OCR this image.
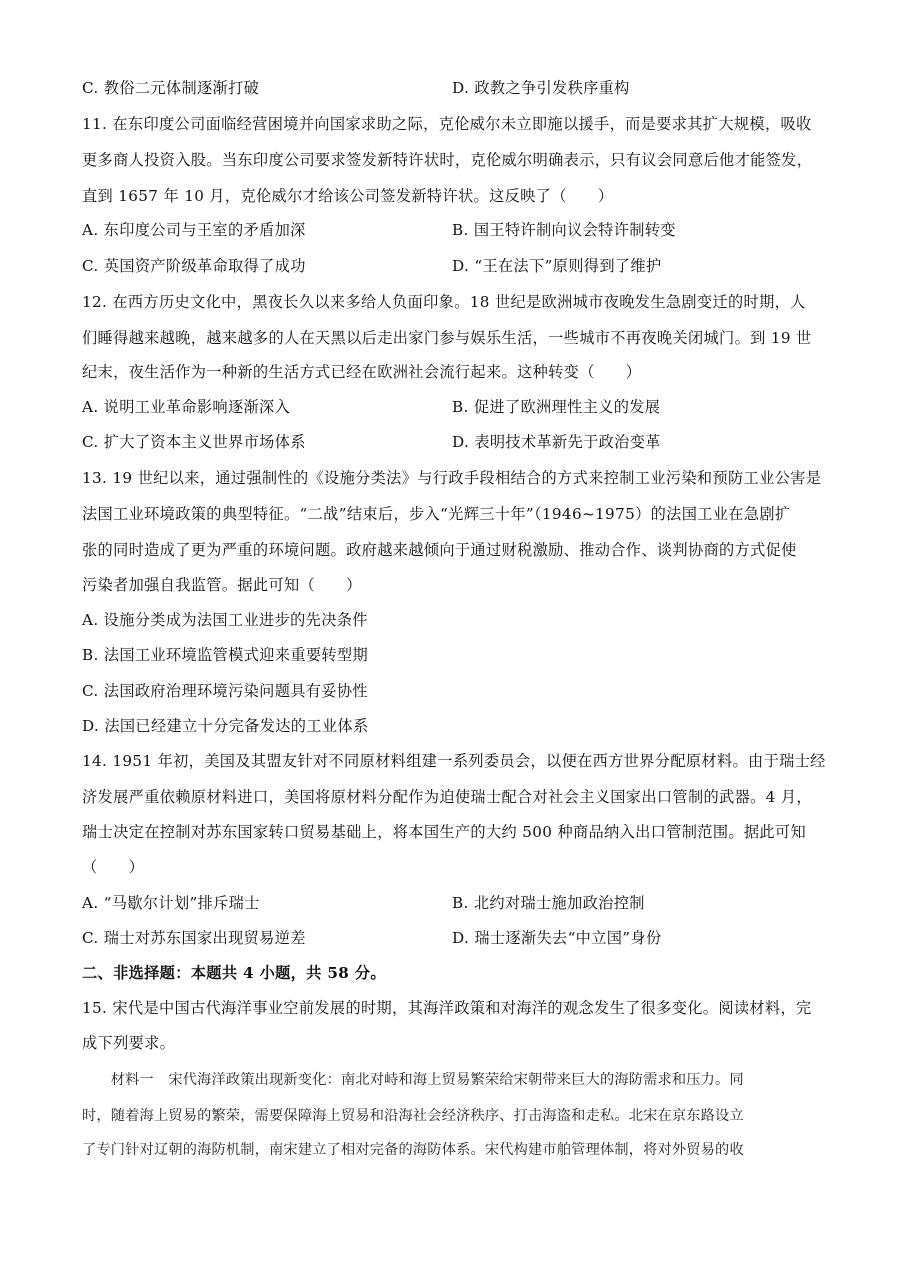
C. 教俗二元体制逐渐打破	D. 政教之争引发秩序重构
11. 在东印度公司面临经营困境并向国家求助之际，克伦威尔未立即施以援手，而是要求其扩大规模，吸收
更多商人投资入股。当东印度公司要求签发新特许状时，克伦威尔明确表示，只有议会同意后他才能签发，
直到 1657 年 10 月，克伦威尔才给该公司签发新特许状。这反映了（　　）
A. 东印度公司与王室的矛盾加深	B. 国王特许制向议会特许制转变
C. 英国资产阶级革命取得了成功	D. “王在法下”原则得到了维护
12. 在西方历史文化中，黑夜长久以来多给人负面印象。18 世纪是欧洲城市夜晚发生急剧变迁的时期，人
们睡得越来越晚，越来越多的人在天黑以后走出家门参与娱乐生活，一些城市不再夜晚关闭城门。到 19 世
纪末，夜生活作为一种新的生活方式已经在欧洲社会流行起来。这种转变（　　）
A. 说明工业革命影响逐渐深入	B. 促进了欧洲理性主义的发展
C. 扩大了资本主义世界市场体系	D. 表明技术革新先于政治变革
13. 19 世纪以来，通过强制性的《设施分类法》与行政手段相结合的方式来控制工业污染和预防工业公害是
法国工业环境政策的典型特征。“二战”结束后，步入“光辉三十年”（1946~1975）的法国工业在急剧扩
张的同时造成了更为严重的环境问题。政府越来越倾向于通过财税激励、推动合作、谈判协商的方式促使
污染者加强自我监管。据此可知（　　）
A. 设施分类成为法国工业进步的先决条件
B. 法国工业环境监管模式迎来重要转型期
C. 法国政府治理环境污染问题具有妥协性
D. 法国已经建立十分完备发达的工业体系
14. 1951 年初，美国及其盟友针对不同原材料组建一系列委员会，以便在西方世界分配原材料。由于瑞士经
济发展严重依赖原材料进口，美国将原材料分配作为迫使瑞士配合对社会主义国家出口管制的武器。4 月，
瑞士决定在控制对苏东国家转口贸易基础上，将本国生产的大约 500 种商品纳入出口管制范围。据此可知
（　　）
A. “马歇尔计划”排斥瑞士	B. 北约对瑞士施加政治控制
C. 瑞士对苏东国家出现贸易逆差	D. 瑞士逐渐失去“中立国”身份
二、非选择题：本题共 4 小题，共 58 分。
15. 宋代是中国古代海洋事业空前发展的时期，其海洋政策和对海洋的观念发生了很多变化。阅读材料，完
成下列要求。
　　材料一　宋代海洋政策出现新变化：南北对峙和海上贸易繁荣给宋朝带来巨大的海防需求和压力。同
时，随着海上贸易的繁荣，需要保障海上贸易和沿海社会经济秩序、打击海盗和走私。北宋在京东路设立
了专门针对辽朝的海防机制，南宋建立了相对完备的海防体系。宋代构建市舶管理体制，将对外贸易的收
